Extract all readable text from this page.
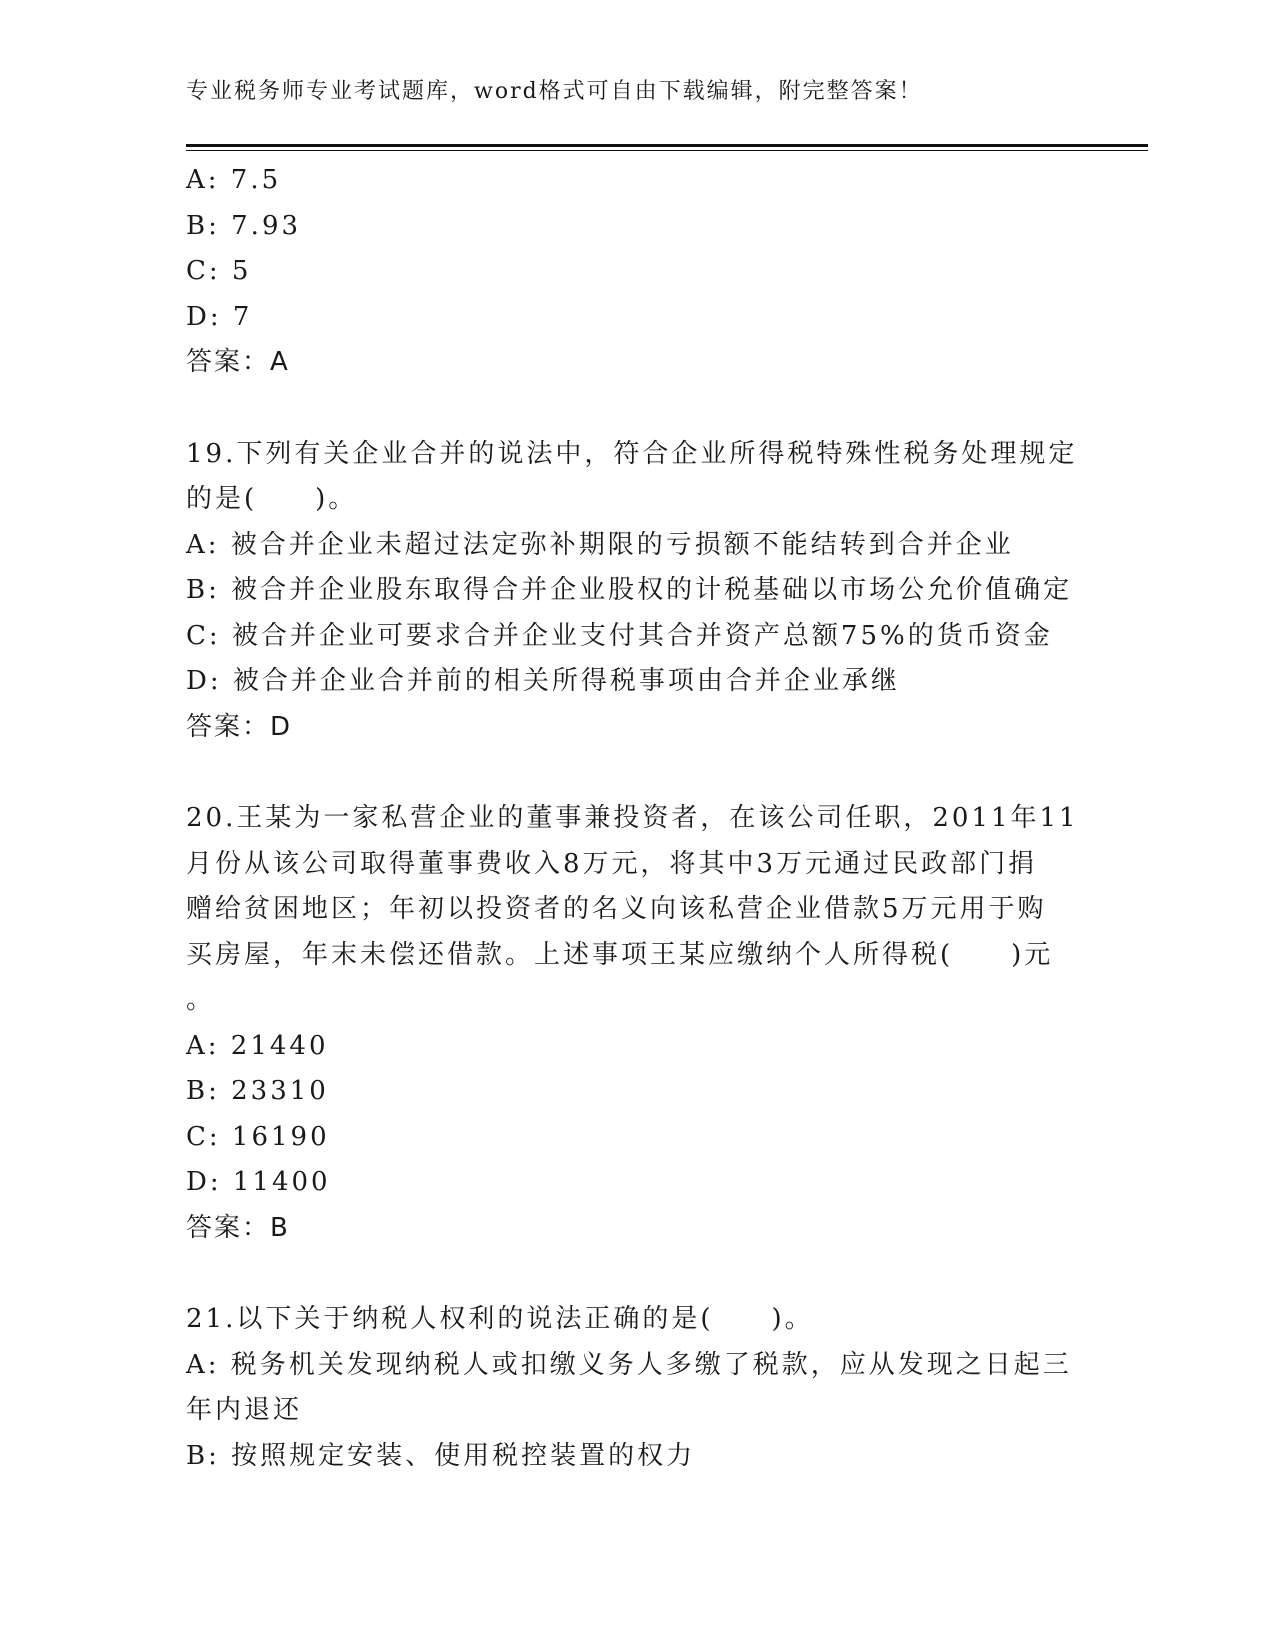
专业税务师专业考试题库，word格式可自由下载编辑，附完整答案！
A: 7.5
B: 7.93
C: 5
D: 7
答案：A
19.下列有关企业合并的说法中，符合企业所得税特殊性税务处理规定
的是(　　)。
A: 被合并企业未超过法定弥补期限的亏损额不能结转到合并企业
B: 被合并企业股东取得合并企业股权的计税基础以市场公允价值确定
C: 被合并企业可要求合并企业支付其合并资产总额75%的货币资金
D: 被合并企业合并前的相关所得税事项由合并企业承继
答案：D
20.王某为一家私营企业的董事兼投资者，在该公司任职，2011年11
月份从该公司取得董事费收入8万元，将其中3万元通过民政部门捐
赠给贫困地区；年初以投资者的名义向该私营企业借款5万元用于购
买房屋，年末未偿还借款。上述事项王某应缴纳个人所得税(　　)元
。
A: 21440
B: 23310
C: 16190
D: 11400
答案：B
21.以下关于纳税人权利的说法正确的是(　　)。
A: 税务机关发现纳税人或扣缴义务人多缴了税款，应从发现之日起三
年内退还
B: 按照规定安装、使用税控装置的权力
